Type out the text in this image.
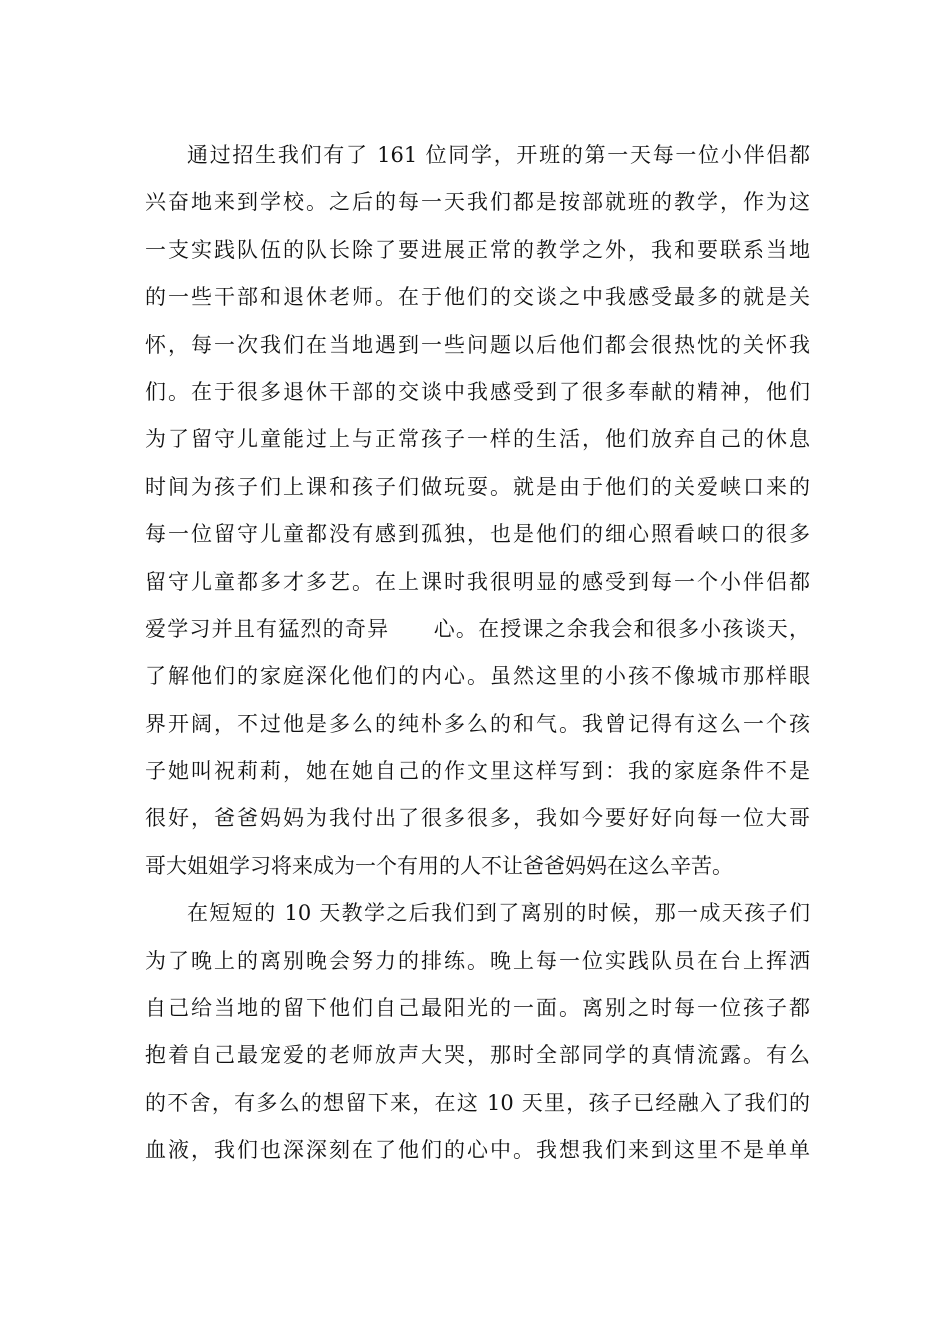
通过招生我们有了 161 位同学，开班的第一天每一位小伴侣都
兴奋地来到学校。之后的每一天我们都是按部就班的教学，作为这
一支实践队伍的队长除了要进展正常的教学之外，我和要联系当地
的一些干部和退休老师。在于他们的交谈之中我感受最多的就是关
怀，每一次我们在当地遇到一些问题以后他们都会很热忱的关怀我
们。在于很多退休干部的交谈中我感受到了很多奉献的精神，他们
为了留守儿童能过上与正常孩子一样的生活，他们放弃自己的休息
时间为孩子们上课和孩子们做玩耍。就是由于他们的关爱峡口来的
每一位留守儿童都没有感到孤独，也是他们的细心照看峡口的很多
留守儿童都多才多艺。在上课时我很明显的感受到每一个小伴侣都
爱学习并且有猛烈的奇异　　心。在授课之余我会和很多小孩谈天，
了解他们的家庭深化他们的内心。虽然这里的小孩不像城市那样眼
界开阔，不过他是多么的纯朴多么的和气。我曾记得有这么一个孩
子她叫祝莉莉，她在她自己的作文里这样写到：我的家庭条件不是
很好，爸爸妈妈为我付出了很多很多，我如今要好好向每一位大哥
哥大姐姐学习将来成为一个有用的人不让爸爸妈妈在这么辛苦。
在短短的 10 天教学之后我们到了离别的时候，那一成天孩子们
为了晚上的离别晚会努力的排练。晚上每一位实践队员在台上挥洒
自己给当地的留下他们自己最阳光的一面。离别之时每一位孩子都
抱着自己最宠爱的老师放声大哭，那时全部同学的真情流露。有么
的不舍，有多么的想留下来，在这 10 天里，孩子已经融入了我们的
血液，我们也深深刻在了他们的心中。我想我们来到这里不是单单
